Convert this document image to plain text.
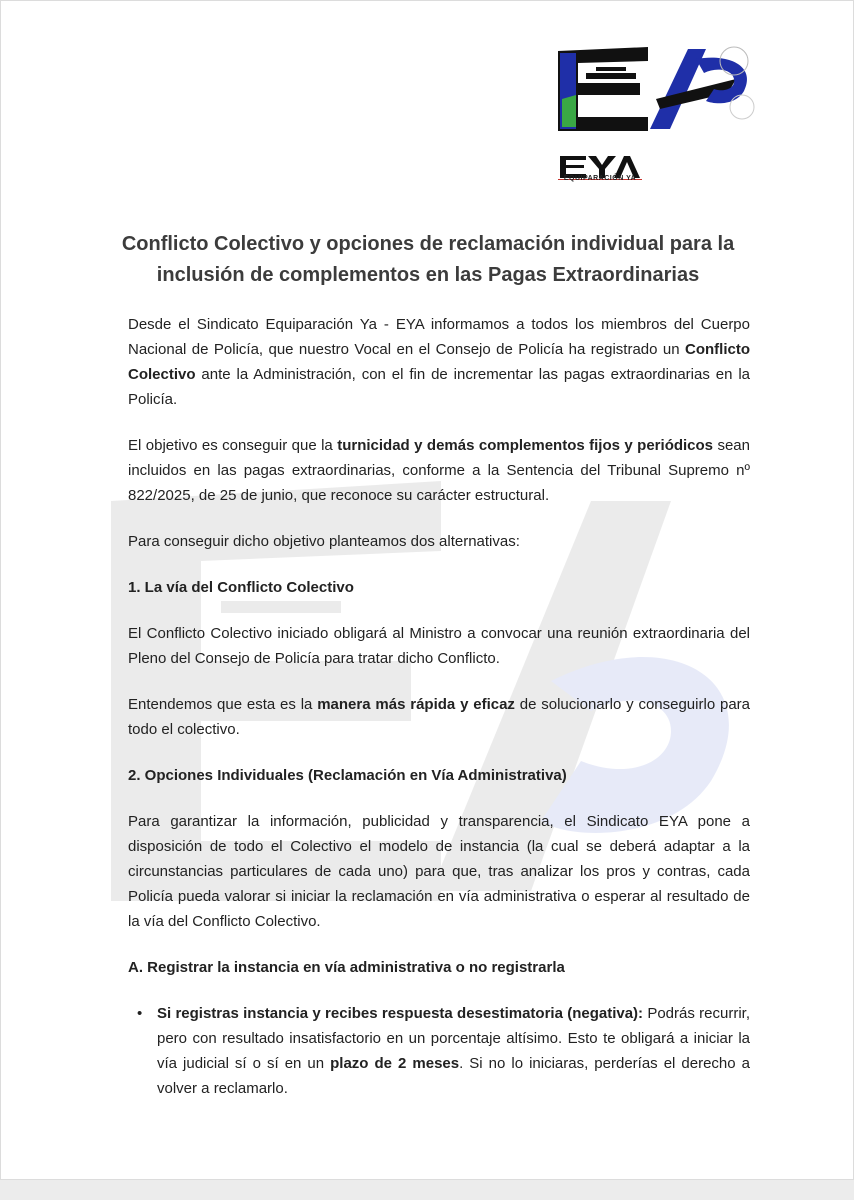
EQUIPARACIÓN YA
Conflicto Colectivo y opciones de reclamación individual para la inclusión de complementos en las Pagas Extraordinarias

Desde el Sindicato Equiparación Ya - EYA informamos a todos los miembros del Cuerpo Nacional de Policía, que nuestro Vocal en el Consejo de Policía ha registrado un Conflicto Colectivo ante la Administración, con el fin de incrementar las pagas extraordinarias en la Policía.

El objetivo es conseguir que la turnicidad y demás complementos fijos y periódicos sean incluidos en las pagas extraordinarias, conforme a la Sentencia del Tribunal Supremo nº 822/2025, de 25 de junio, que reconoce su carácter estructural.

Para conseguir dicho objetivo planteamos dos alternativas:

1. La vía del Conflicto Colectivo

El Conflicto Colectivo iniciado obligará al Ministro a convocar una reunión extraordinaria del Pleno del Consejo de Policía para tratar dicho Conflicto.

Entendemos que esta es la manera más rápida y eficaz de solucionarlo y conseguirlo para todo el colectivo.

2. Opciones Individuales (Reclamación en Vía Administrativa)

Para garantizar la información, publicidad y transparencia, el Sindicato EYA pone a disposición de todo el Colectivo el modelo de instancia (la cual se deberá adaptar a la circunstancias particulares de cada uno) para que, tras analizar los pros y contras, cada Policía pueda valorar si iniciar la reclamación en vía administrativa o esperar al resultado de la vía del Conflicto Colectivo.

A. Registrar la instancia en vía administrativa o no registrarla

• Si registras instancia y recibes respuesta desestimatoria (negativa): Podrás recurrir, pero con resultado insatisfactorio en un porcentaje altísimo. Esto te obligará a iniciar la vía judicial sí o sí en un plazo de 2 meses. Si no lo iniciaras, perderías el derecho a volver a reclamarlo.
